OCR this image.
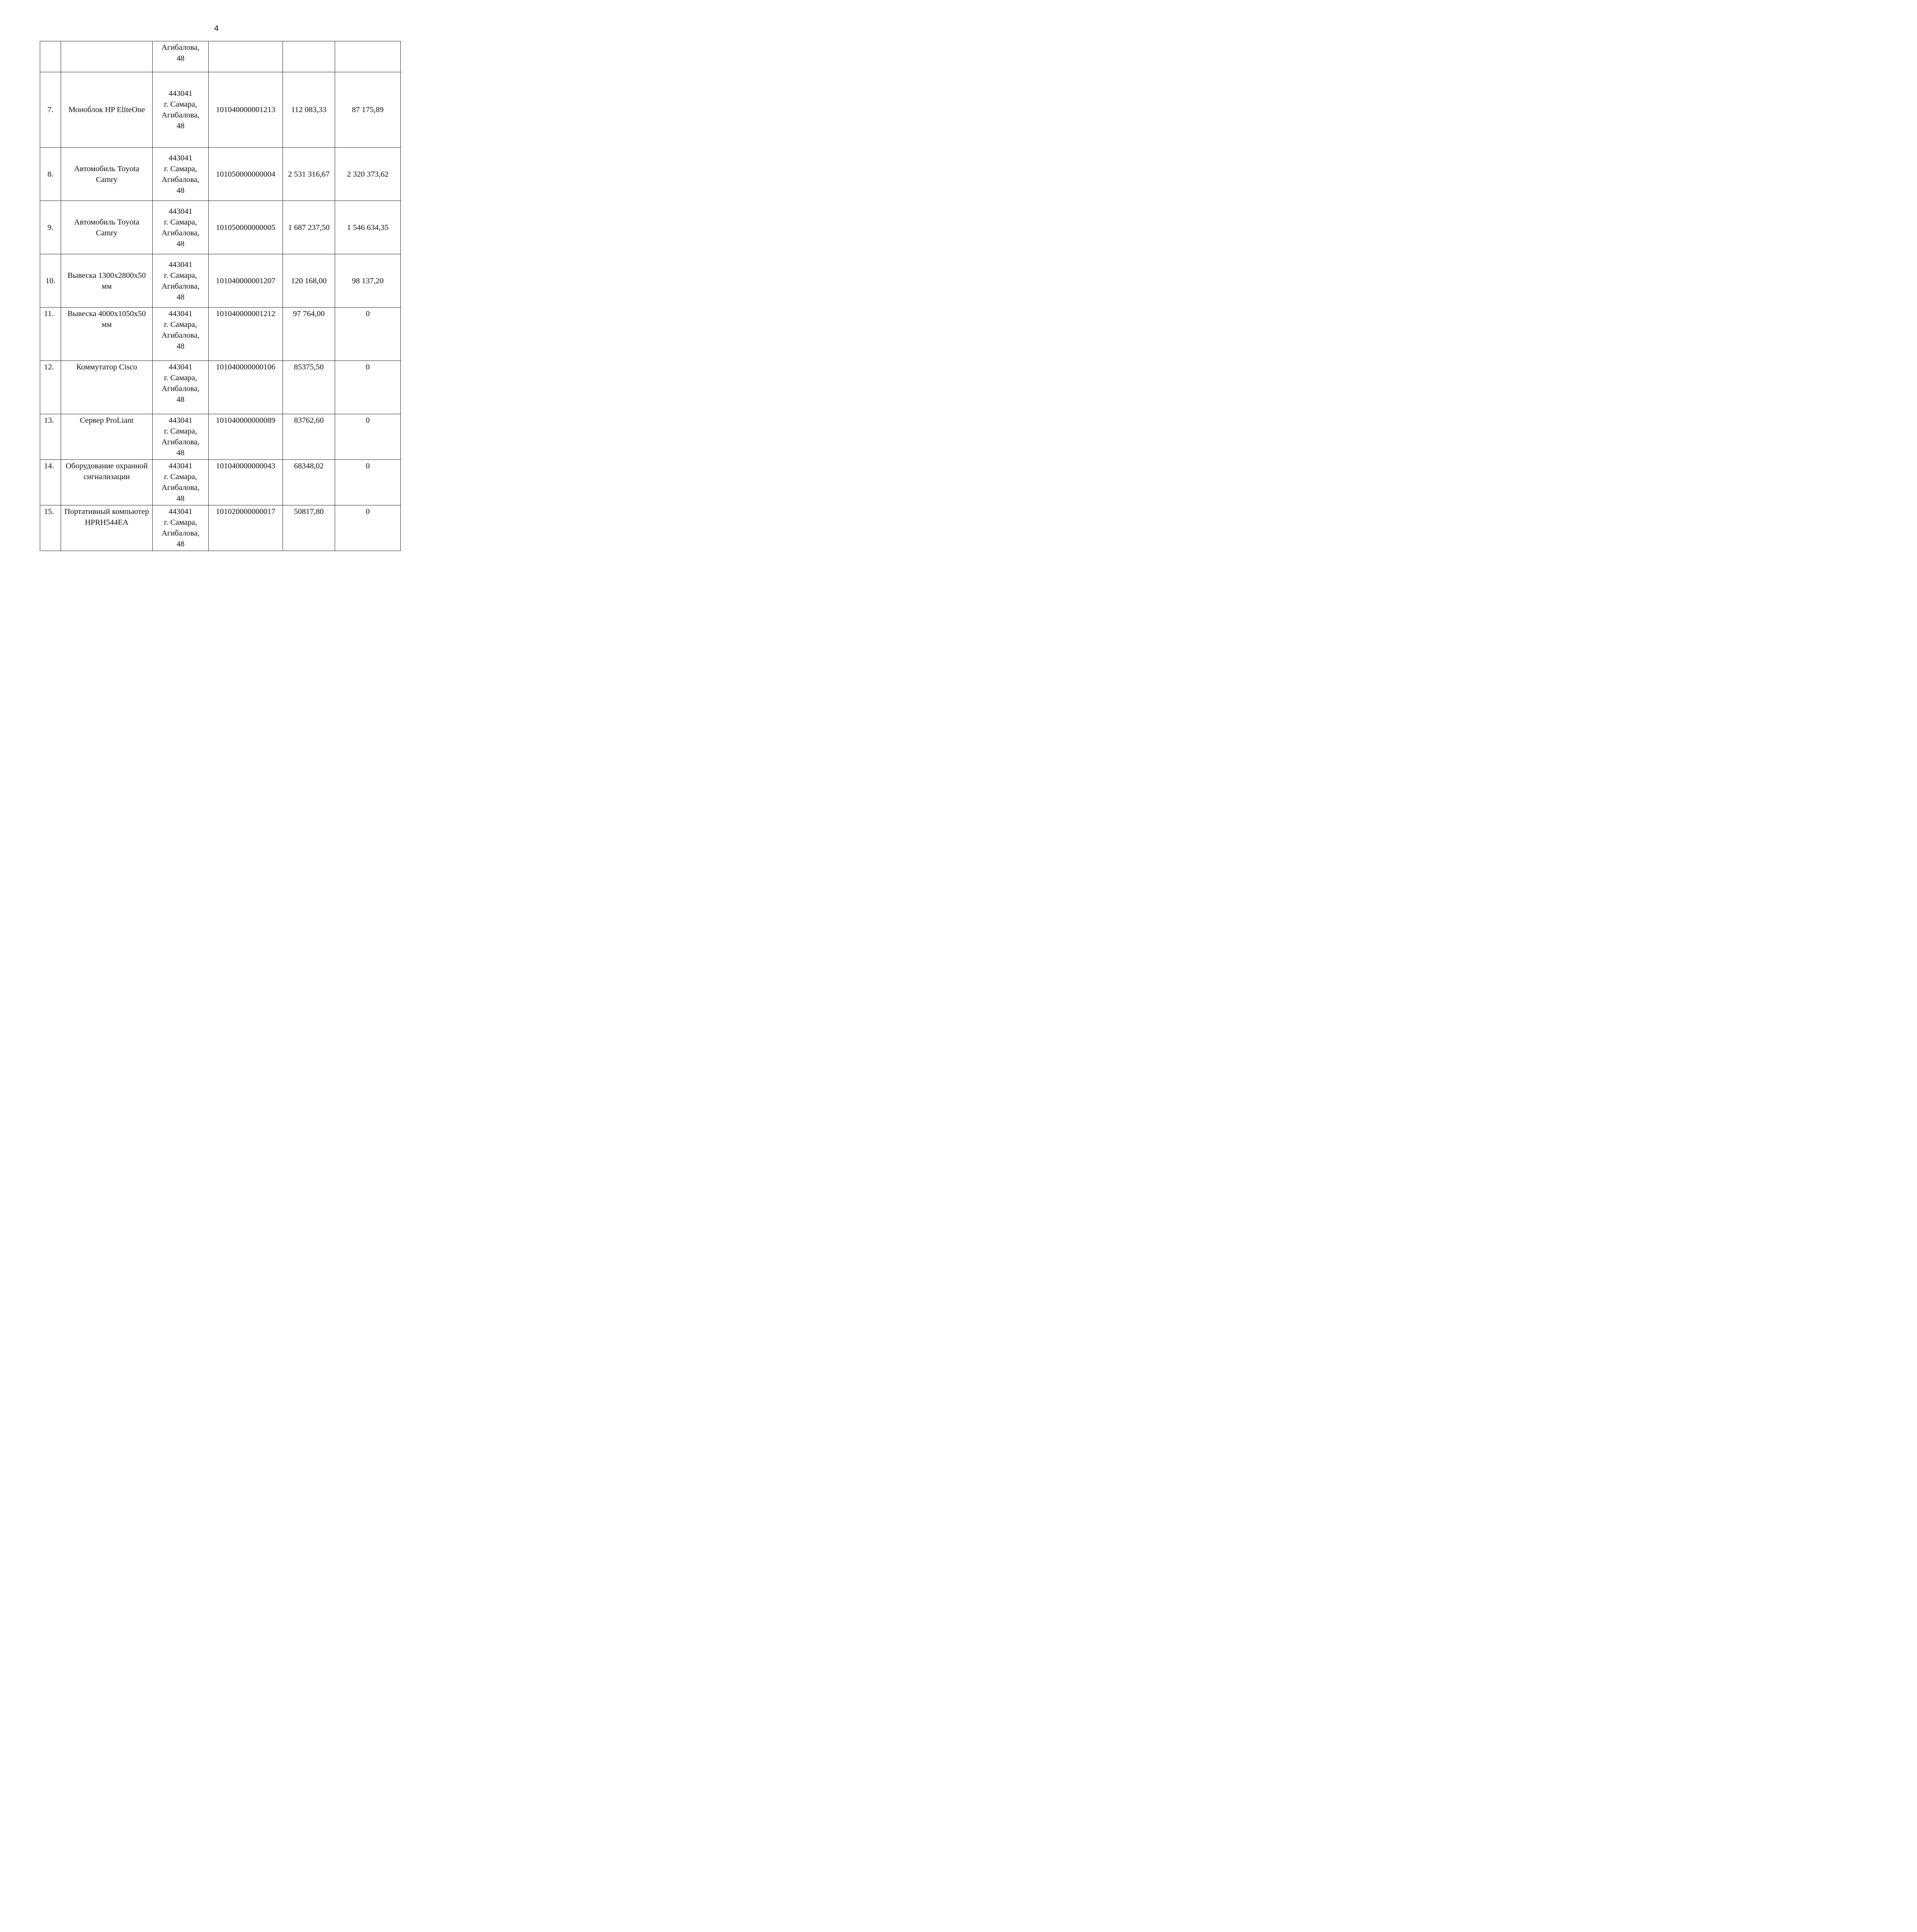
4

		Агибалова,
48			

7.	Моноблок HP EliteOne	443041
г. Самара,
Агибалова,
48	101040000001213	112 083,33	87 175,89
8.	Автомобиль Toyota Camry	443041
г. Самара,
Агибалова,
48	101050000000004	2 531 316,67	2 320 373,62
9.	Автомобиль Toyota Camry	443041
г. Самара,
Агибалова,
48	101050000000005	1 687 237,50	1 546 634,35
10.	Вывеска 1300х2800х50 мм	443041
г. Самара,
Агибалова,
48	101040000001207	120 168,00	98 137,20
11.	Вывеска 4000х1050х50 мм	443041
г. Самара,
Агибалова,
48	101040000001212	97 764,00	0
12.	Коммутатор Cisco	443041
г. Самара,
Агибалова,
48	101040000000106	85375,50	0
13.	Сервер ProLiant	443041
г. Самара,
Агибалова,
48	101040000000089	83762,60	0
14.	Оборудование охранной сигнализации	443041
г. Самара,
Агибалова,
48	101040000000043	68348,02	0
15.	Портативный компьютер HPRH544EA	443041
г. Самара,
Агибалова,
48	101020000000017	50817,80	0
